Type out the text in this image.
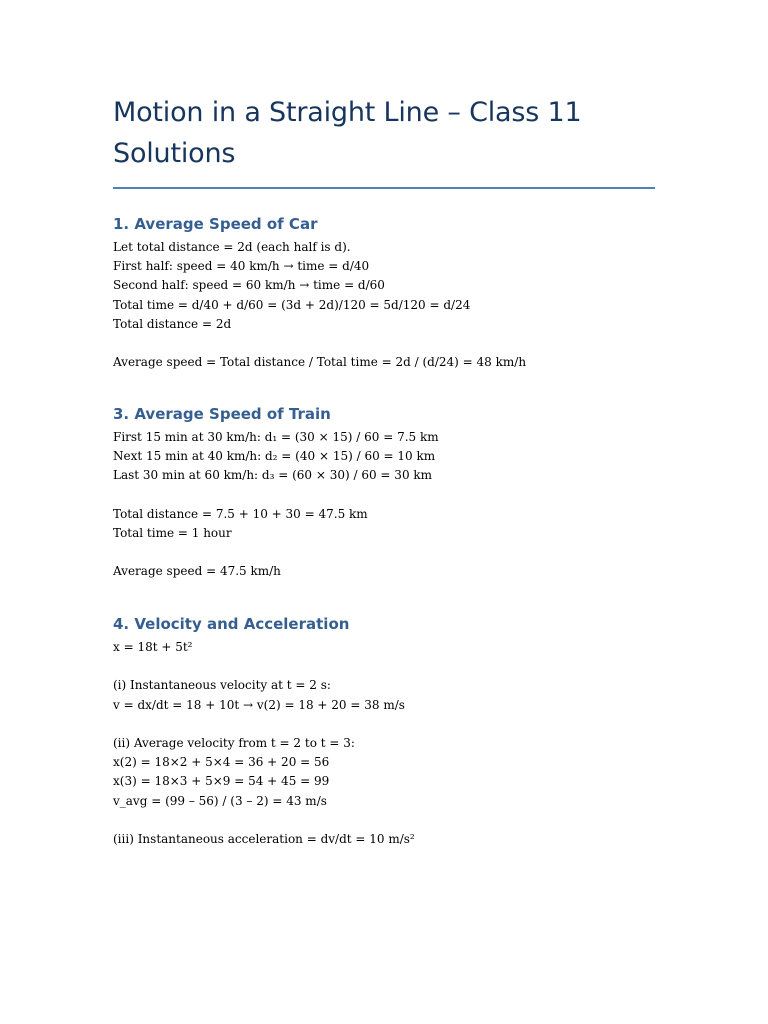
Motion in a Straight Line – Class 11
Solutions
1. Average Speed of Car

Let total distance = 2d (each half is d).

First half: speed = 40 km/h → time = d/40

Second half: speed = 60 km/h → time = d/60

Total time = d/40 + d/60 = (3d + 2d)/120 = 5d/120 = d/24

Total distance = 2d

Average speed = Total distance / Total time = 2d / (d/24) = 48 km/h

3. Average Speed of Train

First 15 min at 30 km/h: d₁ = (30 × 15) / 60 = 7.5 km

Next 15 min at 40 km/h: d₂ = (40 × 15) / 60 = 10 km

Last 30 min at 60 km/h: d₃ = (60 × 30) / 60 = 30 km

Total distance = 7.5 + 10 + 30 = 47.5 km

Total time = 1 hour

Average speed = 47.5 km/h

4. Velocity and Acceleration

x = 18t + 5t²

(i) Instantaneous velocity at t = 2 s:

v = dx/dt = 18 + 10t → v(2) = 18 + 20 = 38 m/s

(ii) Average velocity from t = 2 to t = 3:

x(2) = 18×2 + 5×4 = 36 + 20 = 56

x(3) = 18×3 + 5×9 = 54 + 45 = 99

v_avg = (99 – 56) / (3 – 2) = 43 m/s

(iii) Instantaneous acceleration = dv/dt = 10 m/s²
